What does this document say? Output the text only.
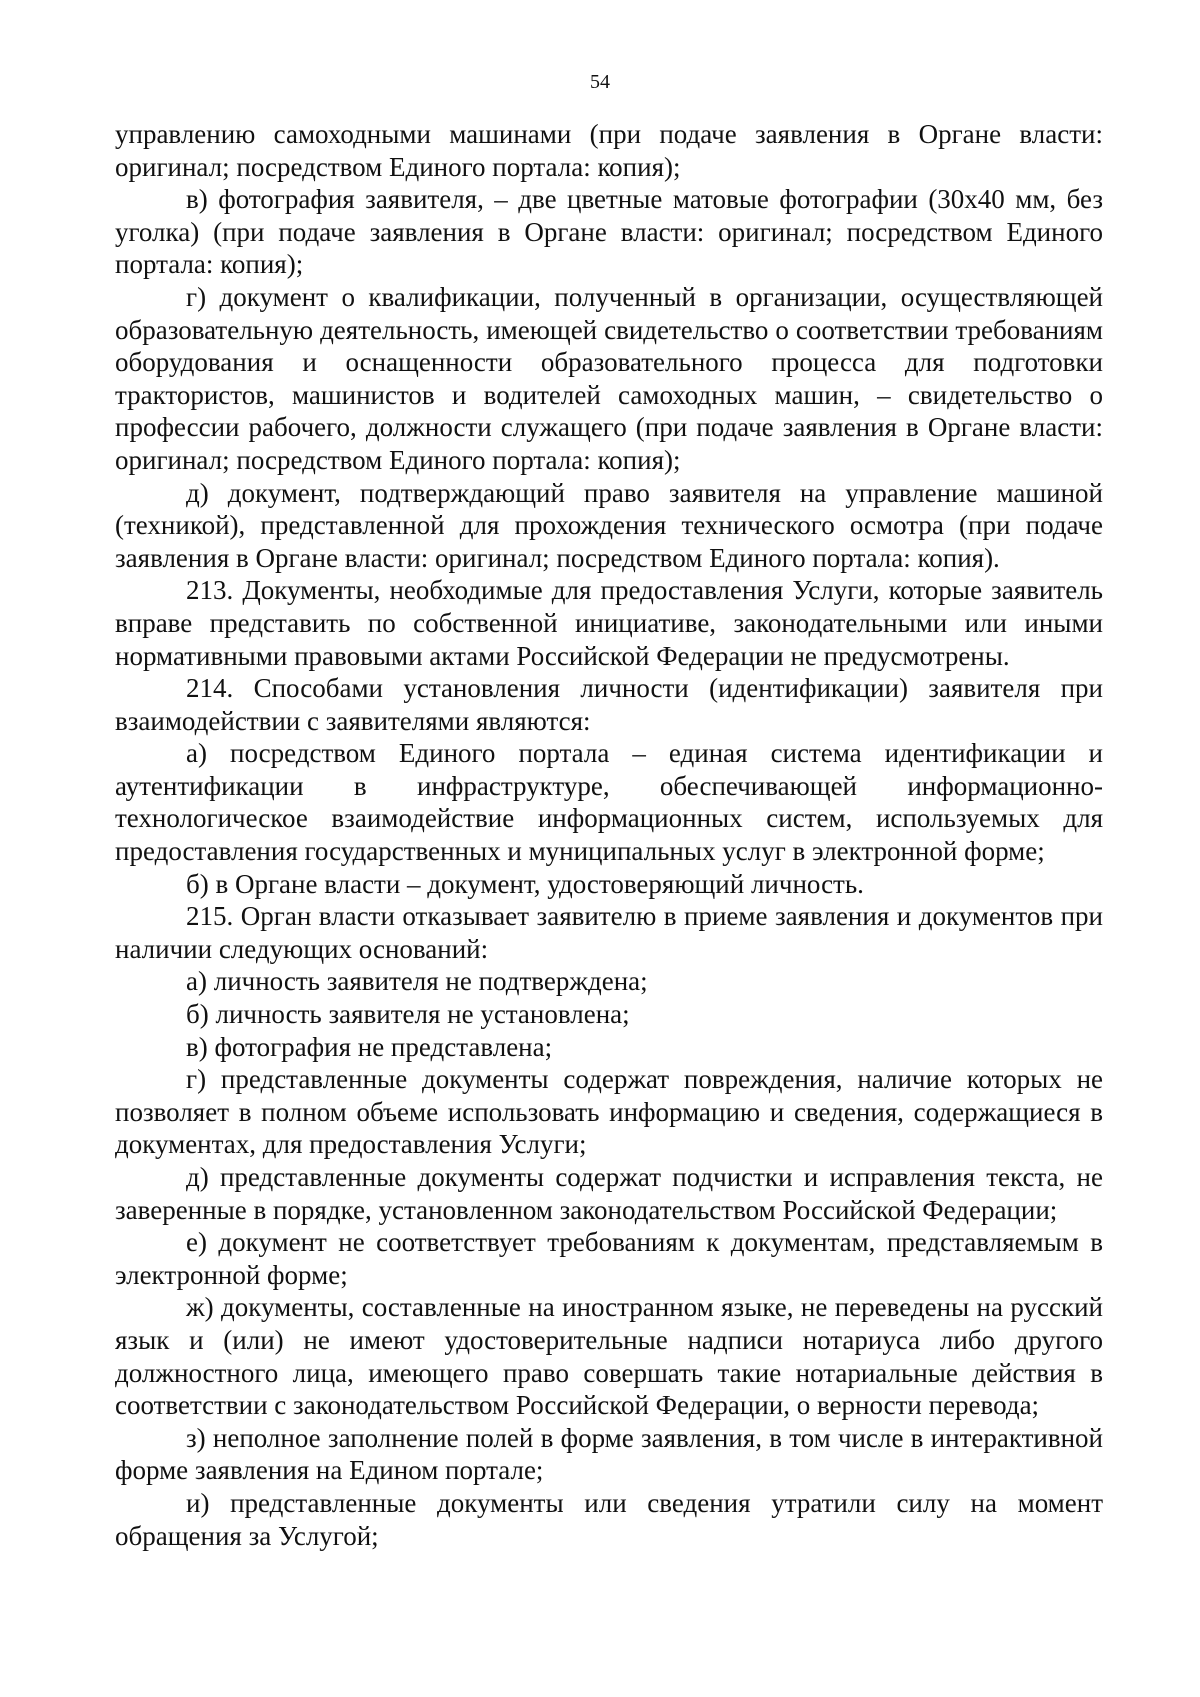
54

управлению самоходными машинами (при подаче заявления в Органе власти: оригинал; посредством Единого портала: копия);

в) фотография заявителя, – две цветные матовые фотографии (30x40 мм, без уголка) (при подаче заявления в Органе власти: оригинал; посредством Единого портала: копия);

г) документ о квалификации, полученный в организации, осуществляющей образовательную деятельность, имеющей свидетельство о соответствии требованиям оборудования и оснащенности образовательного процесса для подготовки трактористов, машинистов и водителей самоходных машин, – свидетельство о профессии рабочего, должности служащего (при подаче заявления в Органе власти: оригинал; посредством Единого портала: копия);

д) документ, подтверждающий право заявителя на управление машиной (техникой), представленной для прохождения технического осмотра (при подаче заявления в Органе власти: оригинал; посредством Единого портала: копия).

213. Документы, необходимые для предоставления Услуги, которые заявитель вправе представить по собственной инициативе, законодательными или иными нормативными правовыми актами Российской Федерации не предусмотрены.

214. Способами установления личности (идентификации) заявителя при взаимодействии с заявителями являются:

а) посредством Единого портала – единая система идентификации и аутентификации в инфраструктуре, обеспечивающей информационно-технологическое взаимодействие информационных систем, используемых для предоставления государственных и муниципальных услуг в электронной форме;

б) в Органе власти – документ, удостоверяющий личность.

215. Орган власти отказывает заявителю в приеме заявления и документов при наличии следующих оснований:

а) личность заявителя не подтверждена;

б) личность заявителя не установлена;

в) фотография не представлена;

г) представленные документы содержат повреждения, наличие которых не позволяет в полном объеме использовать информацию и сведения, содержащиеся в документах, для предоставления Услуги;

д) представленные документы содержат подчистки и исправления текста, не заверенные в порядке, установленном законодательством Российской Федерации;

е) документ не соответствует требованиям к документам, представляемым в электронной форме;

ж) документы, составленные на иностранном языке, не переведены на русский язык и (или) не имеют удостоверительные надписи нотариуса либо другого должностного лица, имеющего право совершать такие нотариальные действия в соответствии с законодательством Российской Федерации, о верности перевода;

з) неполное заполнение полей в форме заявления, в том числе в интерактивной форме заявления на Едином портале;

и) представленные документы или сведения утратили силу на момент обращения за Услугой;
